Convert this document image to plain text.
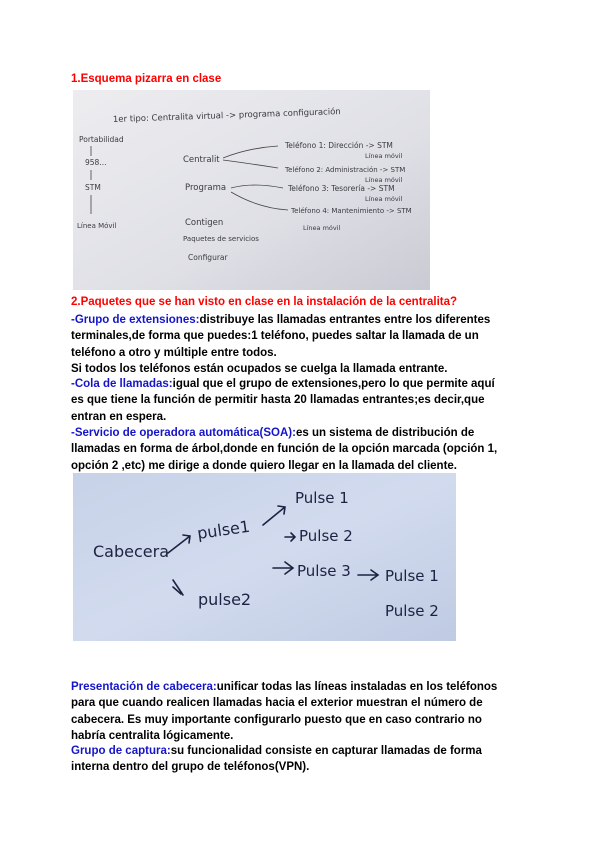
1.Esquema pizarra en clase
1er tipo: Centralita virtual -> programa configuración
Portabilidad
958...
STM
Línea Móvil
Centralit
Programa
Contigen
Paquetes de servicios
Configurar
Teléfono 1: Dirección -> STM
Línea móvil
Teléfono 2: Administración -> STM
Línea móvil
Teléfono 3: Tesorería -> STM
Línea móvil
Teléfono 4: Mantenimiento -> STM
Línea móvil
2.Paquetes que se han visto en clase en la instalación de la centralita?
-Grupo de extensiones:distribuye las llamadas entrantes entre los diferentes
terminales,de forma que puedes:1 teléfono, puedes saltar la llamada de un
teléfono a otro y múltiple entre todos.
Si todos los teléfonos están ocupados se cuelga la llamada entrante.
-Cola de llamadas:igual que el grupo de extensiones,pero lo que permite aquí
es que tiene la función de permitir hasta 20 llamadas entrantes;es decir,que
entran en espera.
-Servicio de operadora automática(SOA):es un sistema de distribución de
llamadas en forma de árbol,donde en función de la opción marcada (opción 1,
opción 2 ,etc) me dirige a donde quiero llegar en la llamada del cliente.
Cabecera
pulse1
pulse2
Pulse 1
Pulse 2
Pulse 3 Pulse 1
Pulse 2
Presentación de cabecera:unificar todas las líneas instaladas en los teléfonos
para que cuando realicen llamadas hacia el exterior muestran el número de
cabecera. Es muy importante configurarlo puesto que en caso contrario no
habría centralita lógicamente.
Grupo de captura:su funcionalidad consiste en capturar llamadas de forma
interna dentro del grupo de teléfonos(VPN).
